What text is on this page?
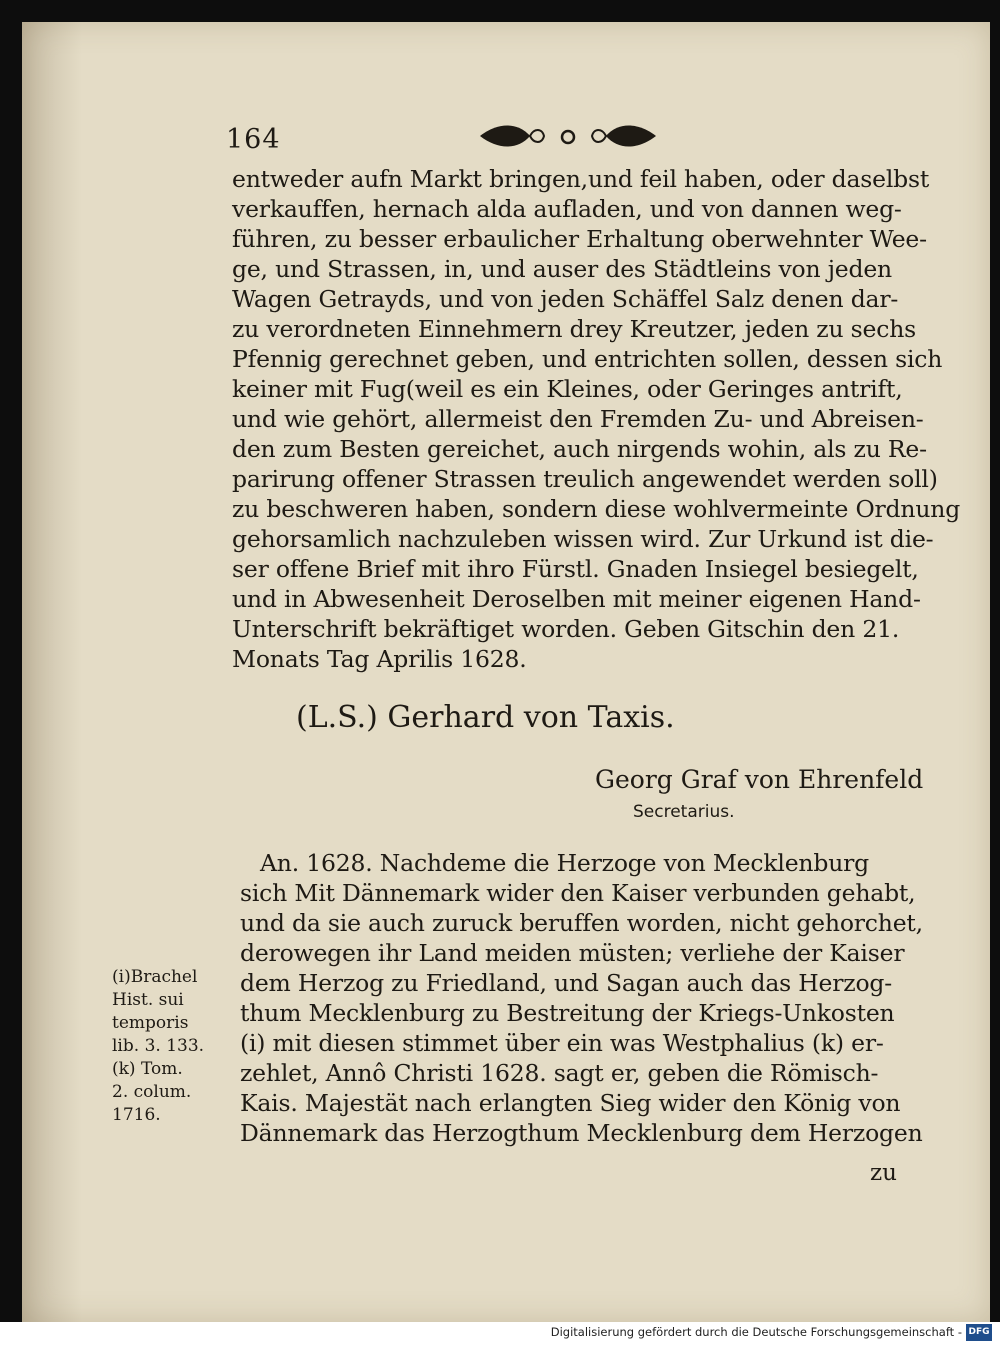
164
entweder aufn Markt bringen,und feil haben, oder daselbst
verkauffen, hernach alda aufladen, und von dannen weg-
führen, zu besser erbaulicher Erhaltung oberwehnter Wee-
ge, und Strassen, in, und auser des Städtleins von jeden
Wagen Getrayds, und von jeden Schäffel Salz denen dar-
zu verordneten Einnehmern drey Kreutzer, jeden zu sechs
Pfennig gerechnet geben, und entrichten sollen, dessen sich
keiner mit Fug(weil es ein Kleines, oder Geringes antrift,
und wie gehört, allermeist den Fremden Zu- und Abreisen-
den zum Besten gereichet, auch nirgends wohin, als zu Re-
parirung offener Strassen treulich angewendet werden soll)
zu beschweren haben, sondern diese wohlvermeinte Ordnung
gehorsamlich nachzuleben wissen wird. Zur Urkund ist die-
ser offene Brief mit ihro Fürstl. Gnaden Insiegel besiegelt,
und in Abwesenheit Deroselben mit meiner eigenen Hand-
Unterschrift bekräftiget worden. Geben Gitschin den 21.
Monats Tag Aprilis 1628.
(L.S.) Gerhard von Taxis.
Georg Graf von Ehrenfeld
Secretarius.
An. 1628. Nachdeme die Herzoge von Mecklenburg
sich Mit Dännemark wider den Kaiser verbunden gehabt,
und da sie auch zuruck beruffen worden, nicht gehorchet,
derowegen ihr Land meiden müsten; verliehe der Kaiser
dem Herzog zu Friedland, und Sagan auch das Herzog-
thum Mecklenburg zu Bestreitung der Kriegs-Unkosten
(i) mit diesen stimmet über ein was Westphalius (k) er-
zehlet, Annô Christi 1628. sagt er, geben die Römisch-
Kais. Majestät nach erlangten Sieg wider den König von
Dännemark das Herzogthum Mecklenburg dem Herzogen
(i)Brachel
Hist. sui
temporis
lib. 3. 133.
(k) Tom.
2. colum.
1716.
zu
Digitalisierung gefördert durch die Deutsche Forschungsgemeinschaft - DFG
